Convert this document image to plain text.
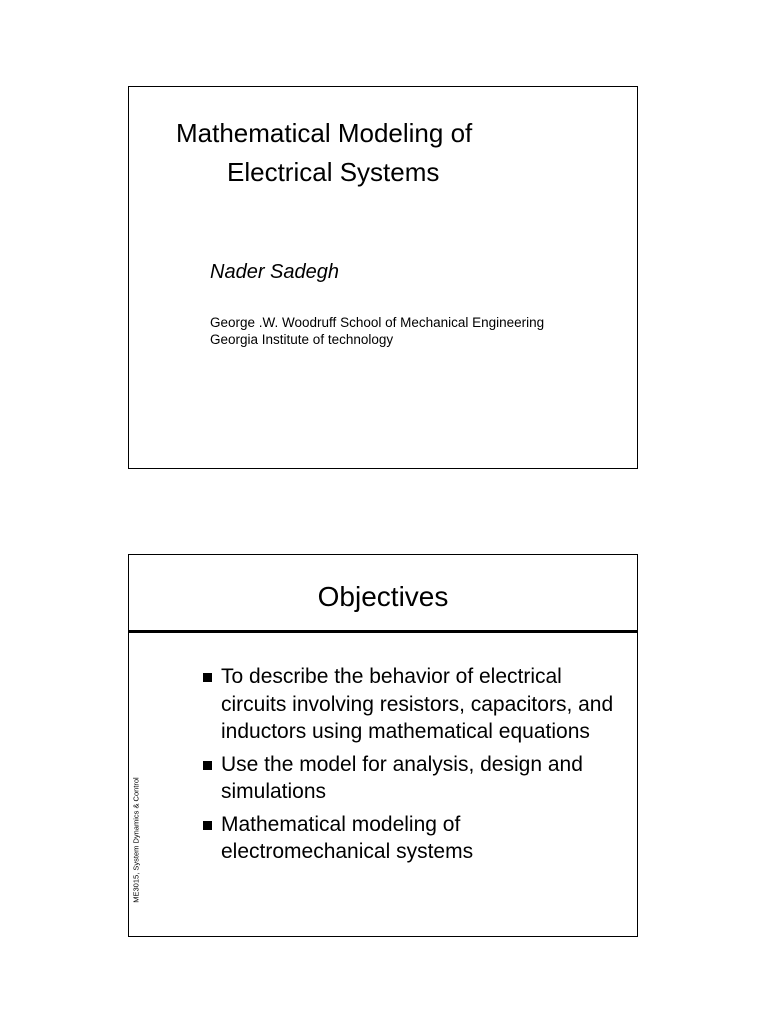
Mathematical Modeling of
Electrical Systems
Nader Sadegh
George .W. Woodruff School of Mechanical Engineering
Georgia Institute of technology
Objectives
To describe the behavior of electrical circuits involving resistors, capacitors, and inductors using mathematical equations
Use the model for analysis, design and simulations
Mathematical modeling of electromechanical systems
ME3015, System Dynamics & Control
